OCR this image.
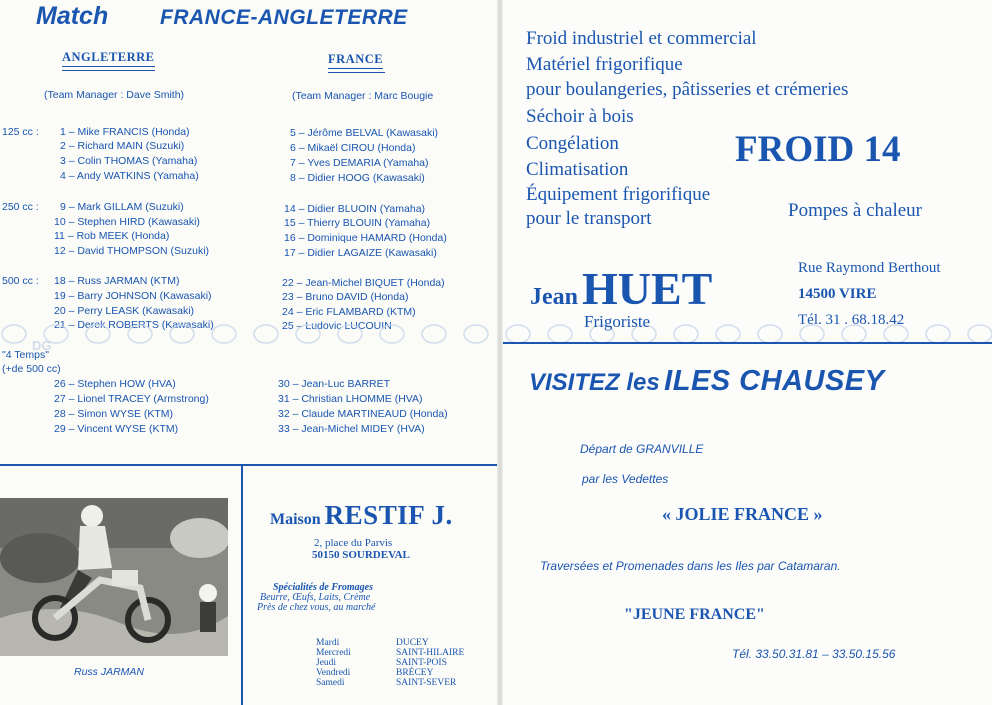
Match FRANCE-ANGLETERRE
ANGLETERRE	FRANCE
(Team Manager : Dave Smith)	(Team Manager : Marc Bougie
125 cc : 1 – Mike FRANCIS (Honda)
2 – Richard MAIN (Suzuki)
3 – Colin THOMAS (Yamaha)
4 – Andy WATKINS (Yamaha)
5 – Jérôme BELVAL (Kawasaki)
6 – Mikaël CIROU (Honda)
7 – Yves DEMARIA (Yamaha)
8 – Didier HOOG (Kawasaki)
250 cc : 9 – Mark GILLAM (Suzuki)
10 – Stephen HIRD (Kawasaki)
11 – Rob MEEK (Honda)
12 – David THOMPSON (Suzuki)
14 – Didier BLUOIN (Yamaha)
15 – Thierry BLOUIN (Yamaha)
16 – Dominique HAMARD (Honda)
17 – Didier LAGAIZE (Kawasaki)
500 cc : 18 – Russ JARMAN (KTM)
19 – Barry JOHNSON (Kawasaki)
20 – Perry LEASK (Kawasaki)
21 – Derek ROBERTS (Kawasaki)
22 – Jean-Michel BIQUET (Honda)
23 – Bruno DAVID (Honda)
24 – Eric FLAMBARD (KTM)
25 – Ludovic LUCOUIN
DG
"4 Temps"
(+de 500 cc)
26 – Stephen HOW (HVA)
27 – Lionel TRACEY (Armstrong)
28 – Simon WYSE (KTM)
29 – Vincent WYSE (KTM)
30 – Jean-Luc BARRET
31 – Christian LHOMME (HVA)
32 – Claude MARTINEAUD (Honda)
33 – Jean-Michel MIDEY (HVA)
Russ JARMAN
Maison RESTIF J.
2, place du Parvis
50150 SOURDEVAL
Spécialités de Fromages
Beurre, Œufs, Laits, Crème
Près de chez vous, au marché
Mardi
Mercredi
Jeudi
Vendredi
Samedi
DUCEY
SAINT-HILAIRE
SAINT-POIS
BRÉCEY
SAINT-SEVER
Froid industriel et commercial
Matériel frigorifique
pour boulangeries, pâtisseries et crémeries
Séchoir à bois
Congélation
Climatisation
Équipement frigorifique
pour le transport
FROID 14
Pompes à chaleur
Jean HUET
Frigoriste
Rue Raymond Berthout
14500 VIRE
Tél. 31 . 68.18.42
VISITEZ les ILES CHAUSEY
Départ de GRANVILLE
par les Vedettes
« JOLIE FRANCE »
Traversées et Promenades dans les Iles par Catamaran.
"JEUNE FRANCE"
Tél. 33.50.31.81 – 33.50.15.56
